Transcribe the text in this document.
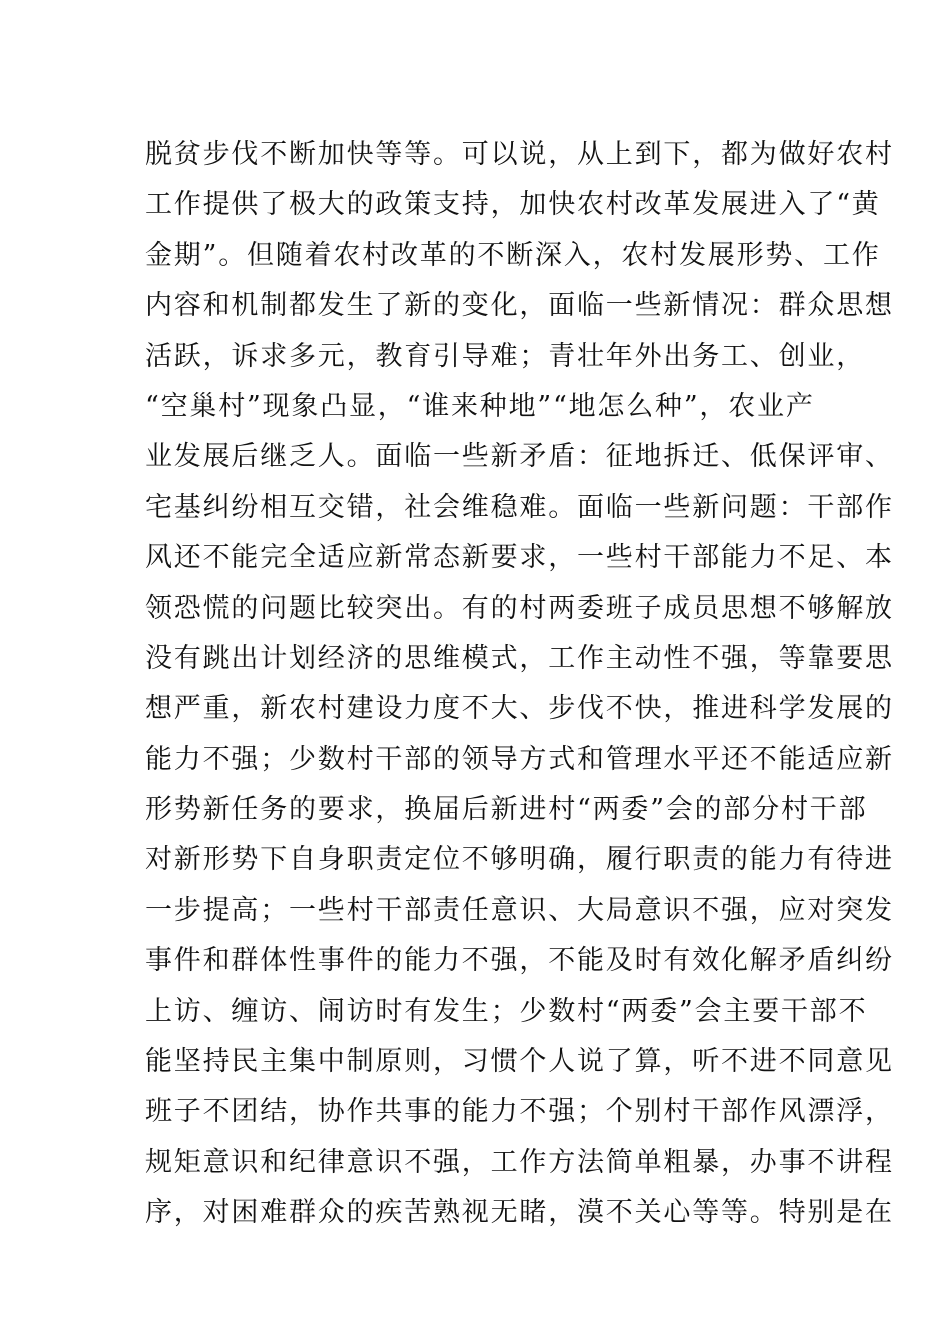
脱贫步伐不断加快等等。可以说，从上到下，都为做好农村
工作提供了极大的政策支持，加快农村改革发展进入了“黄
金期”。但随着农村改革的不断深入，农村发展形势、工作
内容和机制都发生了新的变化，面临一些新情况：群众思想
活跃，诉求多元，教育引导难；青壮年外出务工、创业，
“空巢村”现象凸显，“谁来种地”“地怎么种”，农业产
业发展后继乏人。面临一些新矛盾：征地拆迁、低保评审、
宅基纠纷相互交错，社会维稳难。面临一些新问题：干部作
风还不能完全适应新常态新要求，一些村干部能力不足、本
领恐慌的问题比较突出。有的村两委班子成员思想不够解放
没有跳出计划经济的思维模式，工作主动性不强，等靠要思
想严重，新农村建设力度不大、步伐不快，推进科学发展的
能力不强；少数村干部的领导方式和管理水平还不能适应新
形势新任务的要求，换届后新进村“两委”会的部分村干部
对新形势下自身职责定位不够明确，履行职责的能力有待进
一步提高；一些村干部责任意识、大局意识不强，应对突发
事件和群体性事件的能力不强，不能及时有效化解矛盾纠纷
上访、缠访、闹访时有发生；少数村“两委”会主要干部不
能坚持民主集中制原则，习惯个人说了算，听不进不同意见
班子不团结，协作共事的能力不强；个别村干部作风漂浮，
规矩意识和纪律意识不强，工作方法简单粗暴，办事不讲程
序，对困难群众的疾苦熟视无睹，漠不关心等等。特别是在
